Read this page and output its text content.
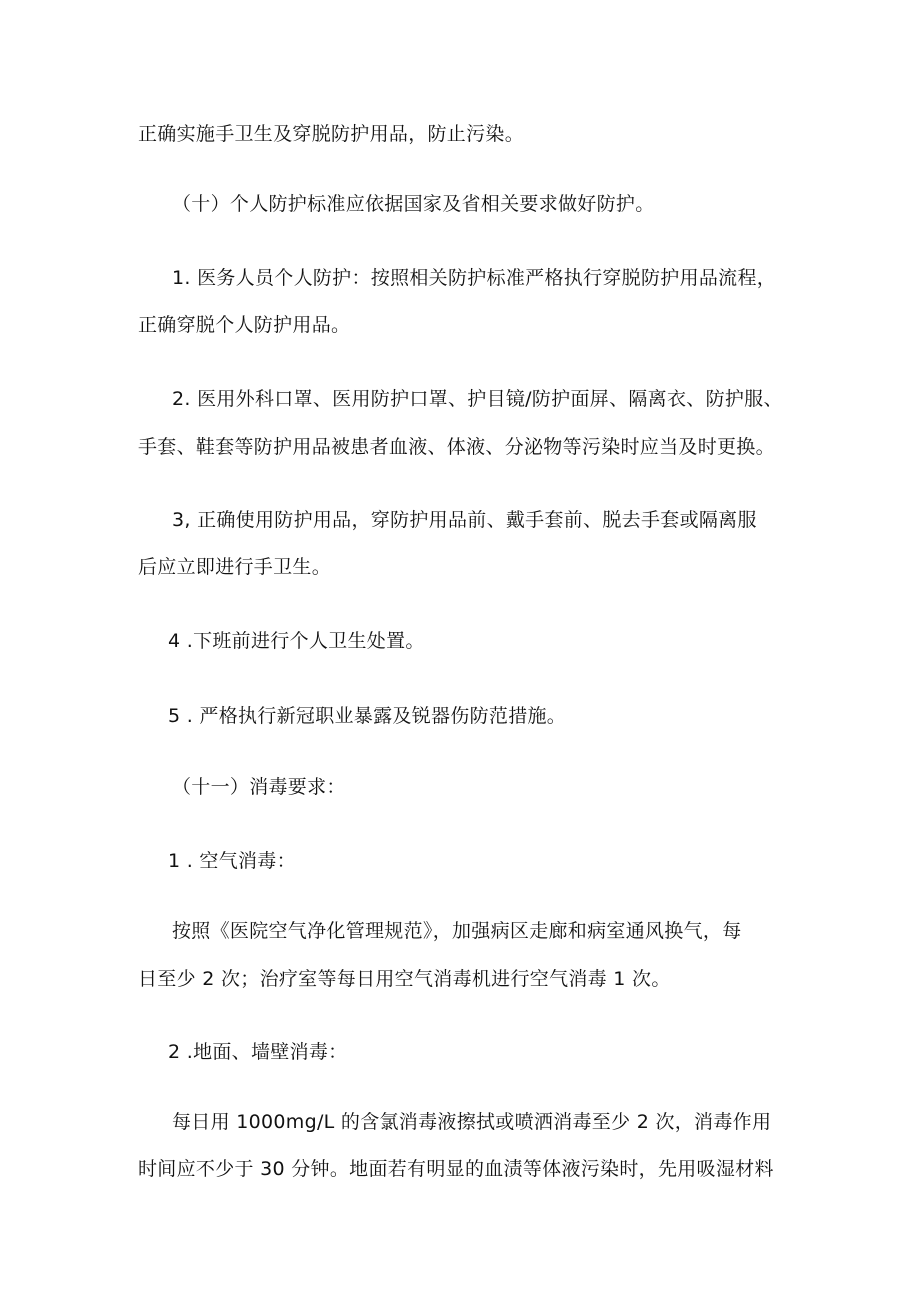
正确实施手卫生及穿脱防护用品，防止污染。
（十）个人防护标准应依据国家及省相关要求做好防护。
1. 医务人员个人防护：按照相关防护标准严格执行穿脱防护用品流程，
正确穿脱个人防护用品。
2. 医用外科口罩、医用防护口罩、护目镜/防护面屏、隔离衣、防护服、
手套、鞋套等防护用品被患者血液、体液、分泌物等污染时应当及时更换。
3, 正确使用防护用品，穿防护用品前、戴手套前、脱去手套或隔离服
后应立即进行手卫生。
4 .下班前进行个人卫生处置。
5 . 严格执行新冠职业暴露及锐器伤防范措施。
（十一）消毒要求：
1 . 空气消毒：
按照《医院空气净化管理规范》，加强病区走廊和病室通风换气，每
日至少 2 次；治疗室等每日用空气消毒机进行空气消毒 1 次。
2 .地面、墙壁消毒：
每日用 1000mg/L 的含氯消毒液擦拭或喷洒消毒至少 2 次，消毒作用
时间应不少于 30 分钟。地面若有明显的血渍等体液污染时，先用吸湿材料
